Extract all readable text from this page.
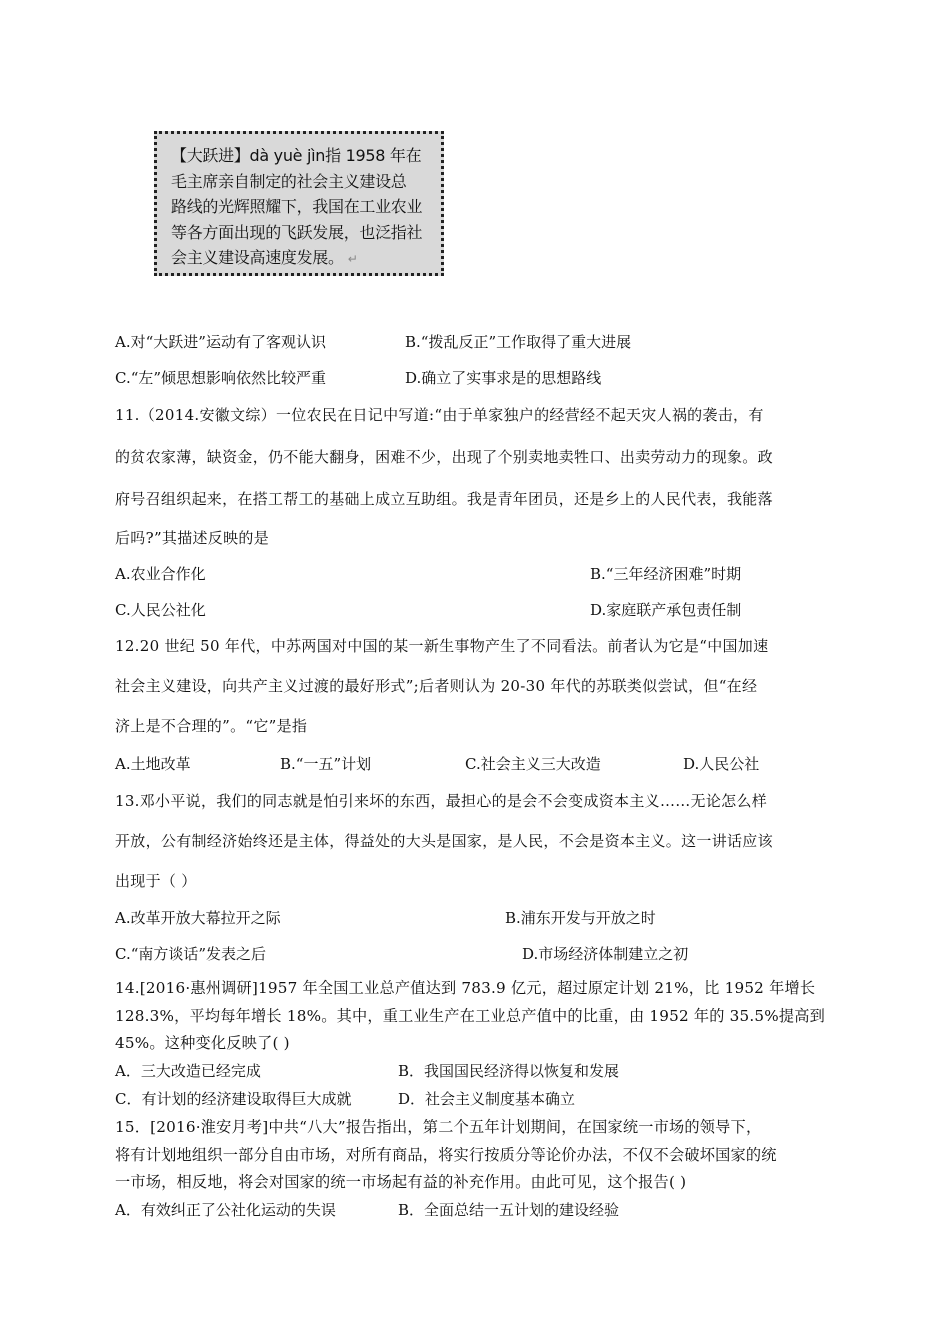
【大跃进】dà yuè jìn指 1958 年在
毛主席亲自制定的社会主义建设总
路线的光辉照耀下，我国在工业农业
等各方面出现的飞跃发展，也泛指社
会主义建设高速度发展。 ↵
A.对“大跃进”运动有了客观认识	B.“拨乱反正”工作取得了重大进展
C.“左”倾思想影响依然比较严重	D.确立了实事求是的思想路线
11.（2014.安徽文综）一位农民在日记中写道:“由于单家独户的经营经不起天灾人祸的袭击，有
的贫农家薄，缺资金，仍不能大翻身，困难不少，出现了个别卖地卖牲口、出卖劳动力的现象。政
府号召组织起来，在搭工帮工的基础上成立互助组。我是青年团员，还是乡上的人民代表，我能落
后吗?”其描述反映的是
A.农业合作化	B.“三年经济困难”时期
C.人民公社化	D.家庭联产承包责任制
12.20 世纪 50 年代，中苏两国对中国的某一新生事物产生了不同看法。前者认为它是“中国加速
社会主义建设，向共产主义过渡的最好形式”;后者则认为 20-30 年代的苏联类似尝试，但“在经
济上是不合理的”。“它”是指
A.土地改革	B.“一五”计划	C.社会主义三大改造	D.人民公社
13.邓小平说，我们的同志就是怕引来坏的东西，最担心的是会不会变成资本主义……无论怎么样
开放，公有制经济始终还是主体，得益处的大头是国家，是人民，不会是资本主义。这一讲话应该
出现于（ ）
A.改革开放大幕拉开之际	B.浦东开发与开放之时
C.“南方谈话”发表之后	D.市场经济体制建立之初
14.[2016·惠州调研]1957 年全国工业总产值达到 783.9 亿元，超过原定计划 21%，比 1952 年增长
128.3%，平均每年增长 18%。其中，重工业生产在工业总产值中的比重，由 1952 年的 35.5%提高到
45%。这种变化反映了( )
A．三大改造已经完成	B．我国国民经济得以恢复和发展
C．有计划的经济建设取得巨大成就	D．社会主义制度基本确立
15．[2016·淮安月考]中共“八大”报告指出，第二个五年计划期间，在国家统一市场的领导下，
将有计划地组织一部分自由市场，对所有商品，将实行按质分等论价办法，不仅不会破坏国家的统
一市场，相反地，将会对国家的统一市场起有益的补充作用。由此可见，这个报告( )
A．有效纠正了公社化运动的失误	B．全面总结一五计划的建设经验
